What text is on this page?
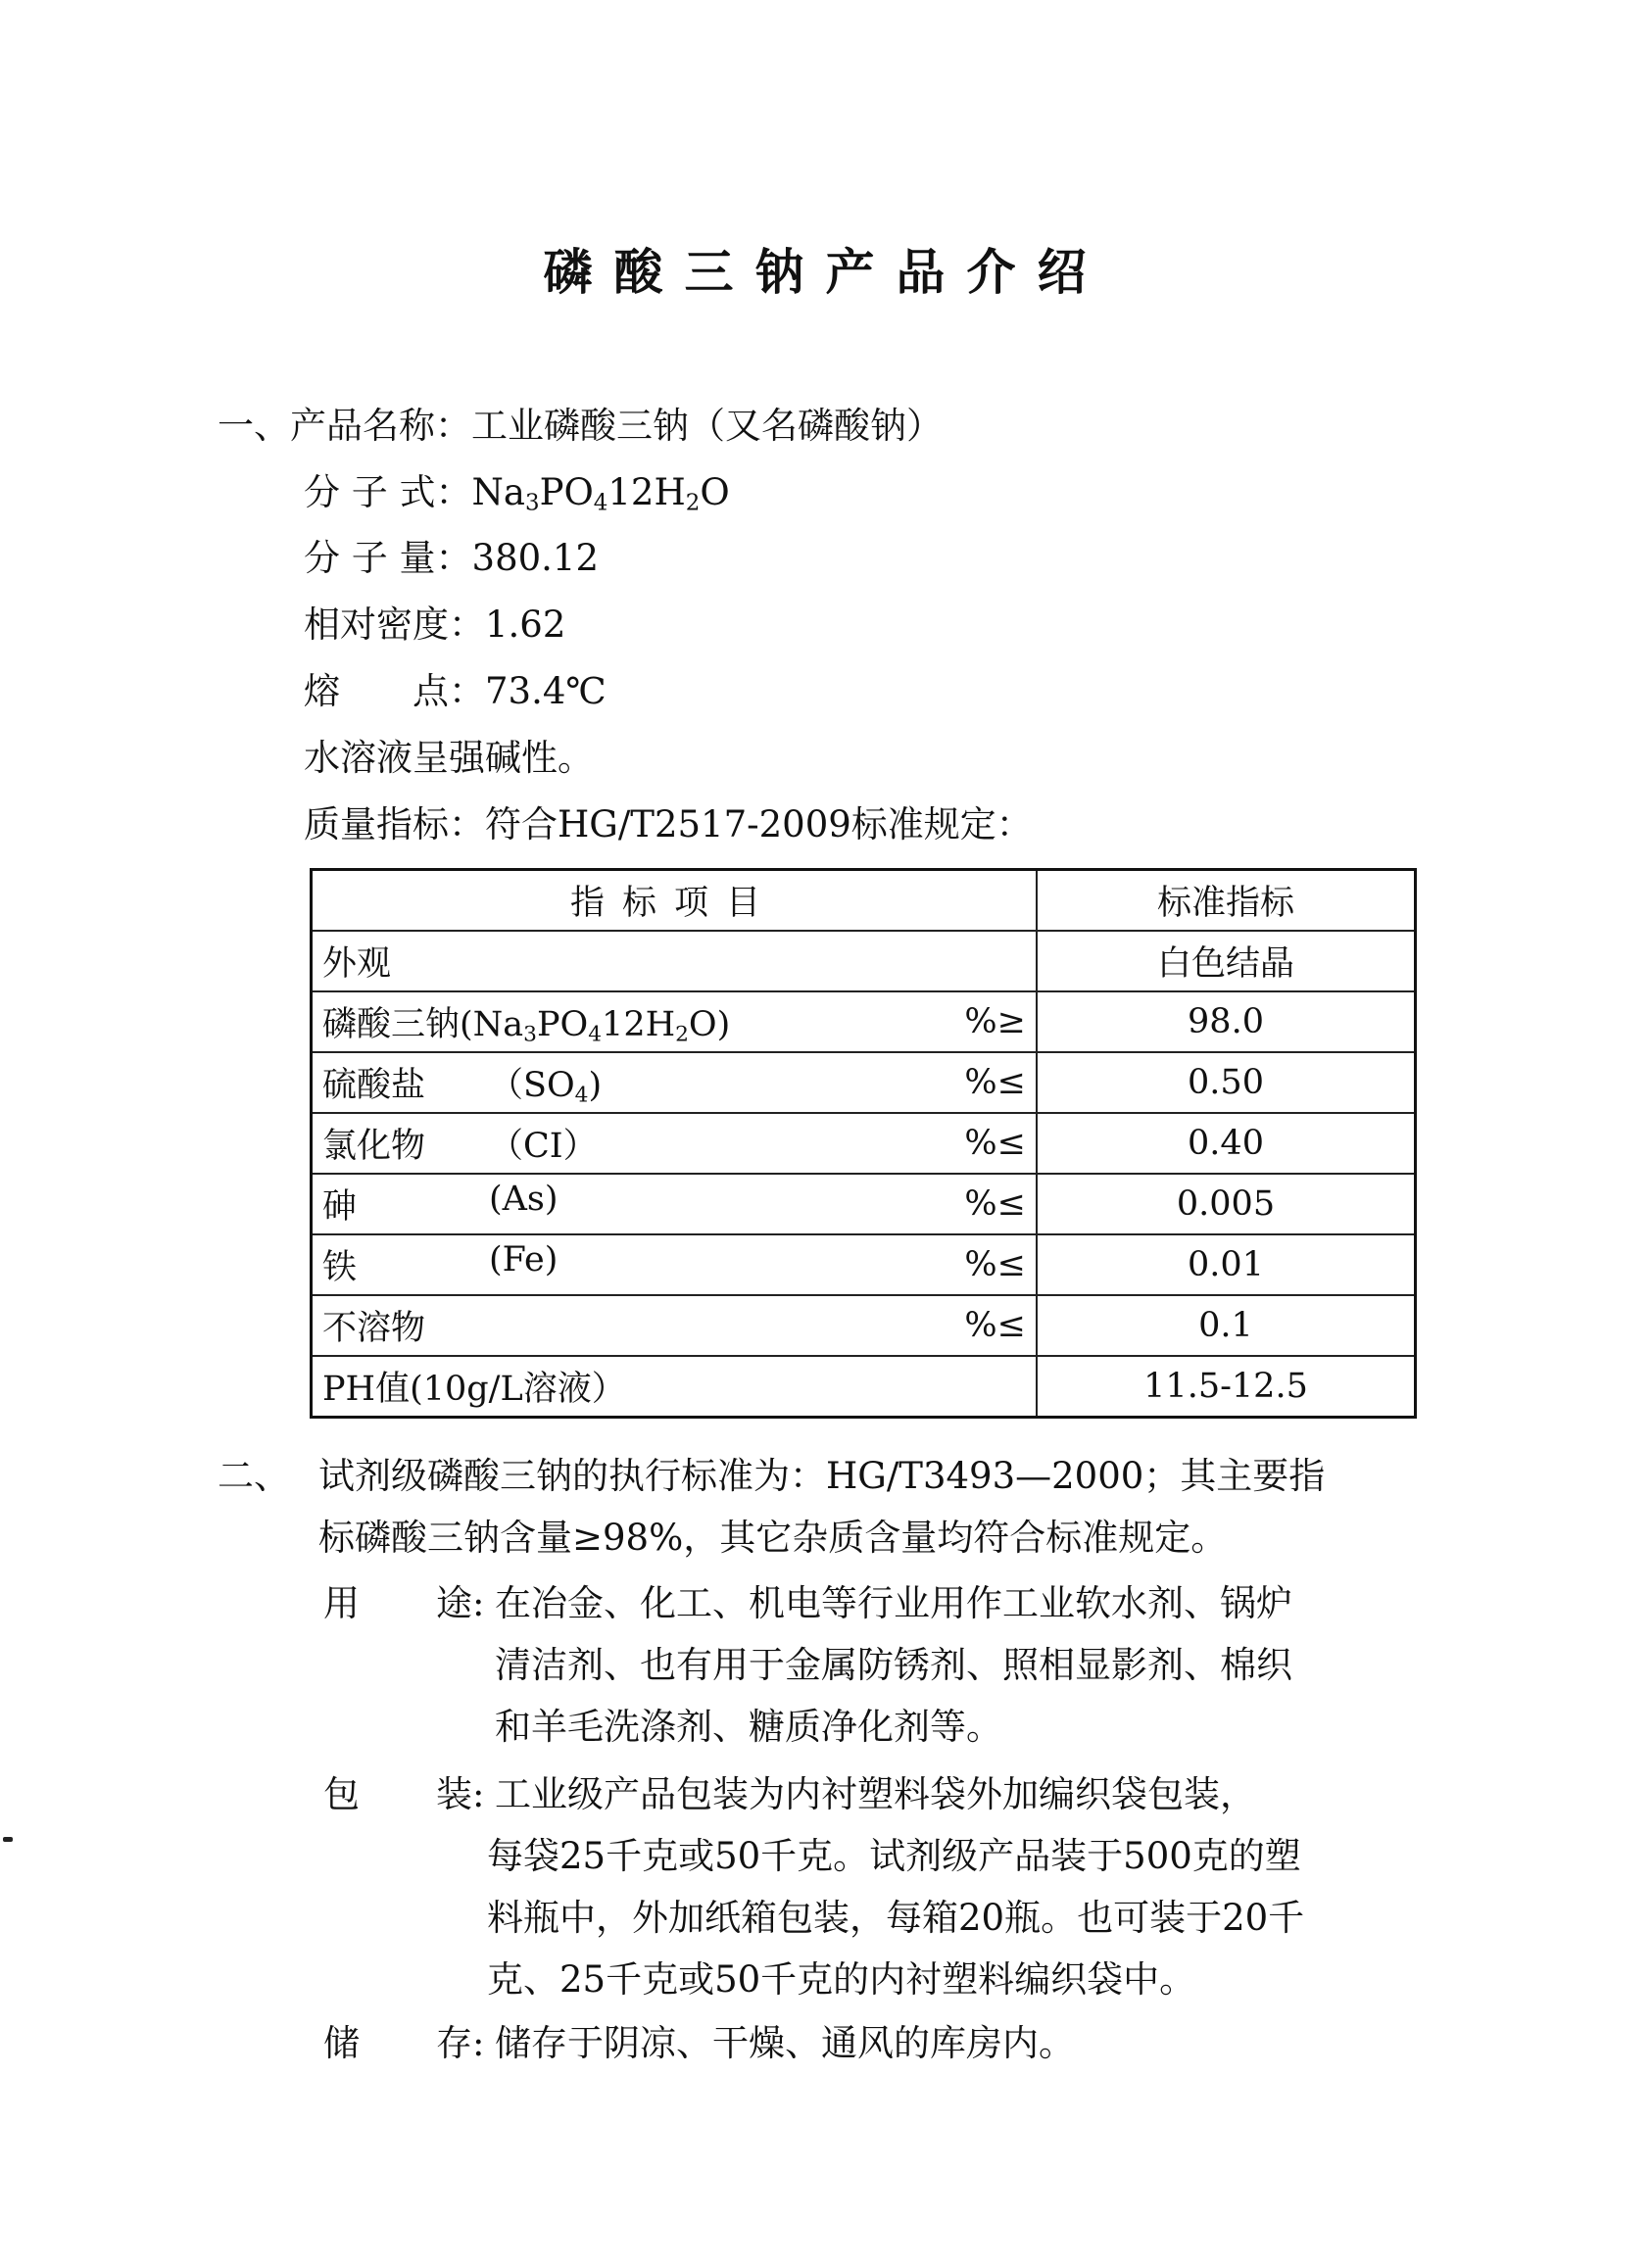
磷酸三钠产品介绍
一、产品名称：工业磷酸三钠（又名磷酸钠）
分 子 式：$Na_3PO_412H_2O$
分 子 量：380.12
相对密度：1.62
熔　　点：73.4℃
水溶液呈强碱性。
质量指标：符合HG/T2517-2009标准规定：
指标项目	标准指标
外观	白色结晶

磷酸三钠$(Na_3PO_412H_2O)$ %≥	98.0

硫酸盐 $(SO_4)$ %≤	0.50

氯化物 （CI） %≤	0.40

砷 (As) %≤	0.005

铁 (Fe) %≤	0.01

不溶物 %≤	0.1
PH值(10g/L溶液）	11.5-12.5
二、 试剂级磷酸三钠的执行标准为：HG/T3493—2000；其主要指
标磷酸三钠含量≥98%，其它杂质含量均符合标准规定。
用 途: 在冶金、化工、机电等行业用作工业软水剂、锅炉
清洁剂、也有用于金属防锈剂、照相显影剂、棉织
和羊毛洗涤剂、糖质净化剂等。
包 装: 工业级产品包装为内衬塑料袋外加编织袋包装，
每袋25千克或50千克。试剂级产品装于500克的塑
料瓶中，外加纸箱包装，每箱20瓶。也可装于20千
克、25千克或50千克的内衬塑料编织袋中。
储 存: 储存于阴凉、干燥、通风的库房内。
